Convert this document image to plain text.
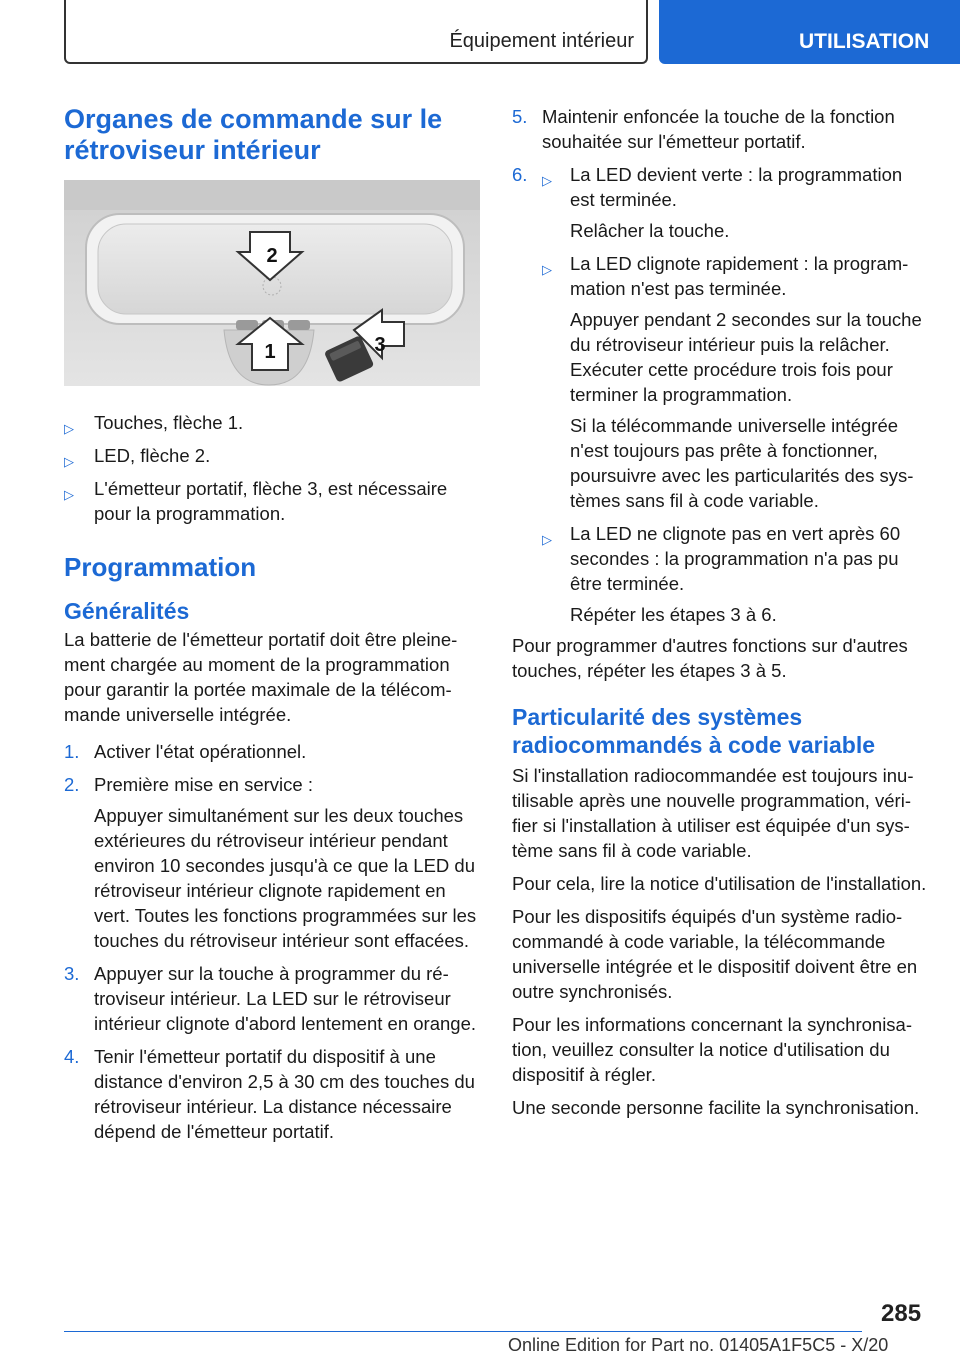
Équipement intérieur	UTILISATION
Organes de commande sur le rétroviseur intérieur
2
1	3
▷ Touches, flèche 1.
▷ LED, flèche 2.
▷ L'émetteur portatif, flèche 3, est nécessaire pour la programmation.
Programmation
Généralités

La batterie de l'émetteur portatif doit être pleinement chargée au moment de la programmation pour garantir la portée maximale de la télécommande universelle intégrée.

1. Activer l'état opérationnel.
2. Première mise en service :
Appuyer simultanément sur les deux touches extérieures du rétroviseur intérieur pendant environ 10 secondes jusqu'à ce que la LED du rétroviseur intérieur clignote rapidement en vert. Toutes les fonctions programmées sur les touches du rétroviseur intérieur sont effacées.
3. Appuyer sur la touche à programmer du rétroviseur intérieur. La LED sur le rétroviseur intérieur clignote d'abord lentement en orange.
4. Tenir l'émetteur portatif du dispositif à une distance d'environ 2,5 à 30 cm des touches du rétroviseur intérieur. La distance nécessaire dépend de l'émetteur portatif.
5. Maintenir enfoncée la touche de la fonction souhaitée sur l'émetteur portatif.
6. ▷ La LED devient verte : la programmation est terminée.
Relâcher la touche.
▷ La LED clignote rapidement : la programmation n'est pas terminée.
Appuyer pendant 2 secondes sur la touche du rétroviseur intérieur puis la relâcher. Exécuter cette procédure trois fois pour terminer la programmation.
Si la télécommande universelle intégrée n'est toujours pas prête à fonctionner, poursuivre avec les particularités des systèmes sans fil à code variable.
▷ La LED ne clignote pas en vert après 60 secondes : la programmation n'a pas pu être terminée.
Répéter les étapes 3 à 6.

Pour programmer d'autres fonctions sur d'autres touches, répéter les étapes 3 à 5.

Particularité des systèmes radiocommandés à code variable

Si l'installation radiocommandée est toujours inutilisable après une nouvelle programmation, vérifier si l'installation à utiliser est équipée d'un système sans fil à code variable.

Pour cela, lire la notice d'utilisation de l'installation.

Pour les dispositifs équipés d'un système radiocommandé à code variable, la télécommande universelle intégrée et le dispositif doivent être en outre synchronisés.

Pour les informations concernant la synchronisation, veuillez consulter la notice d'utilisation du dispositif à régler.

Une seconde personne facilite la synchronisation.

285
Online Edition for Part no. 01405A1F5C5 - X/20
